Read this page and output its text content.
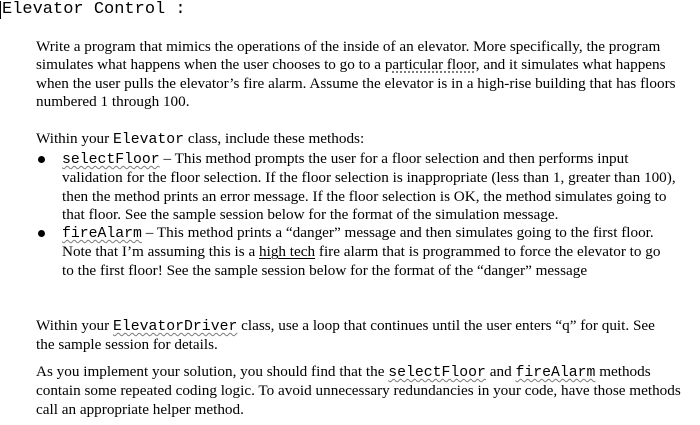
Elevator Control :
Write a program that mimics the operations of the inside of an elevator. More specifically, the program simulates what happens when the user chooses to go to a particular floor, and it simulates what happens when the user pulls the elevator’s fire alarm. Assume the elevator is in a high-rise building that has floors numbered 1 through 100.
Within your Elevator class, include these methods:
selectFloor – This method prompts the user for a floor selection and then performs input validation for the floor selection. If the floor selection is inappropriate (less than 1, greater than 100), then the method prints an error message. If the floor selection is OK, the method simulates going to that floor. See the sample session below for the format of the simulation message.
fireAlarm – This method prints a “danger” message and then simulates going to the first floor. Note that I’m assuming this is a high tech fire alarm that is programmed to force the elevator to go to the first floor! See the sample session below for the format of the “danger” message
Within your ElevatorDriver class, use a loop that continues until the user enters “q” for quit. See the sample session for details.
As you implement your solution, you should find that the selectFloor and fireAlarm methods contain some repeated coding logic. To avoid unnecessary redundancies in your code, have those methods call an appropriate helper method.
